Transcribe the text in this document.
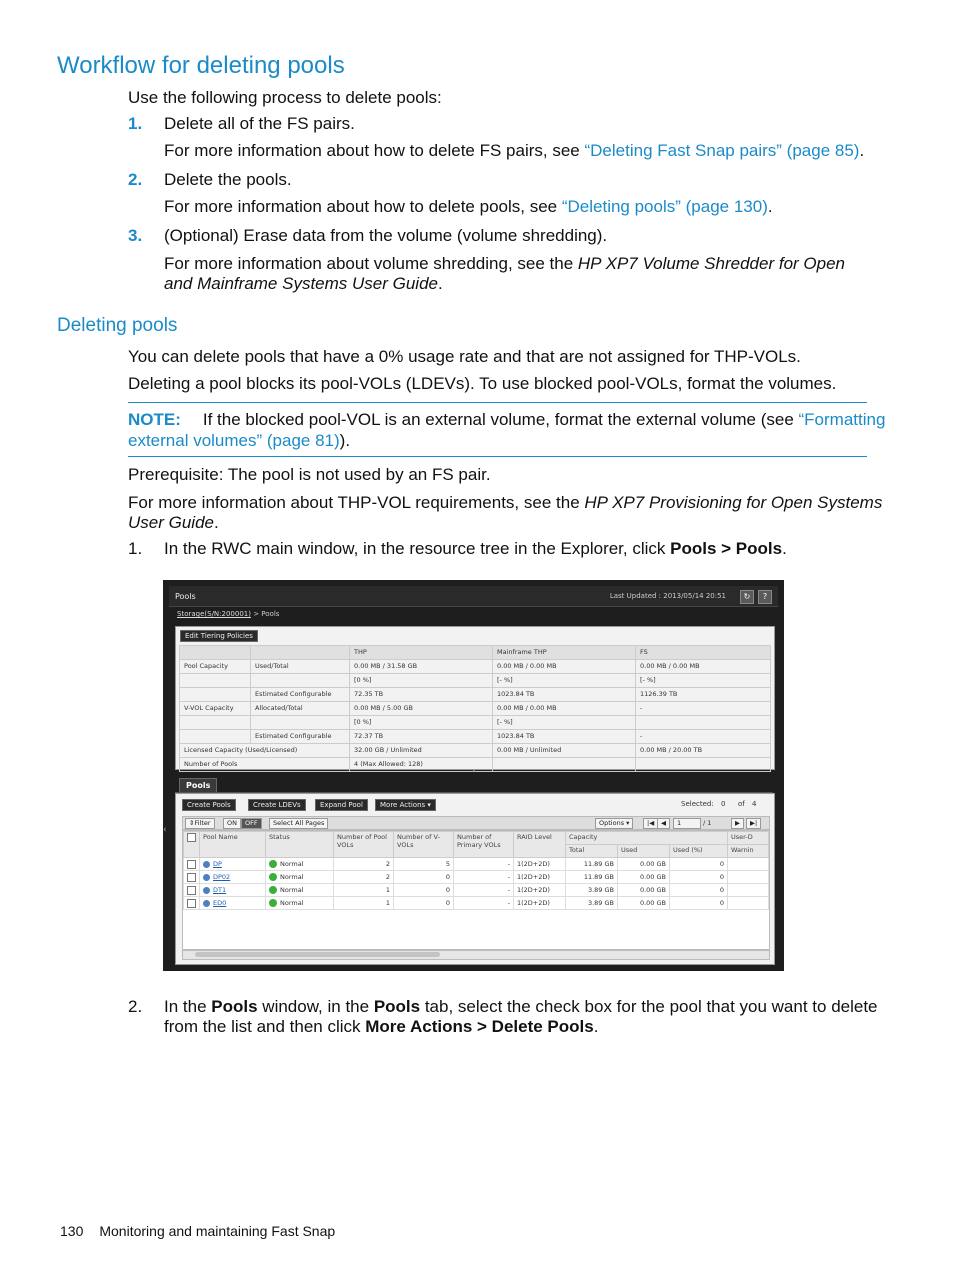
Workflow for deleting pools
Use the following process to delete pools:
1. Delete all of the FS pairs.
For more information about how to delete FS pairs, see “Deleting Fast Snap pairs” (page 85).
2. Delete the pools.
For more information about how to delete pools, see “Deleting pools” (page 130).
3. (Optional) Erase data from the volume (volume shredding).
For more information about volume shredding, see the HP XP7 Volume Shredder for Open
and Mainframe Systems User Guide.
Deleting pools
You can delete pools that have a 0% usage rate and that are not assigned for THP-VOLs.
Deleting a pool blocks its pool-VOLs (LDEVs). To use blocked pool-VOLs, format the volumes.
NOTE: If the blocked pool-VOL is an external volume, format the external volume (see “Formatting
external volumes” (page 81)).
Prerequisite: The pool is not used by an FS pair.
For more information about THP-VOL requirements, see the HP XP7 Provisioning for Open Systems
User Guide.
1. In the RWC main window, in the resource tree in the Explorer, click Pools > Pools.
Pools	Last Updated : 2013/05/14 20:51	↻	?
Storage(S/N:200001) > Pools
Edit Tiering Policies
		THP	Mainframe THP	FS
Pool Capacity	Used/Total	0.00 MB / 31.58 GB	0.00 MB / 0.00 MB	0.00 MB / 0.00 MB
		[0 %]	[- %]	[- %]
	Estimated Configurable	72.35 TB	1023.84 TB	1126.39 TB
V-VOL Capacity	Allocated/Total	0.00 MB / 5.00 GB	0.00 MB / 0.00 MB	-
		[0 %]	[- %]	
	Estimated Configurable	72.37 TB	1023.84 TB	-
Licensed Capacity (Used/Licensed)		32.00 GB / Unlimited	0.00 MB / Unlimited	0.00 MB / 20.00 TB
Number of Pools		4 (Max Allowed: 128)		
⌃
‹
Pools
Create Pools	Create LDEVs	Expand Pool	More Actions ▾	Selected: 0 of 4
⇕Filter	ON	OFF	Select All Pages	Options ▾	|◀	◀	1	/ 1	▶	▶|
	Pool Name	Status	Number of Pool VOLs	Number of V-VOLs	Number of Primary VOLs	RAID Level	Capacity			User-D
							Total	Used	Used (%)	Warnin
	DP	Normal	2	5	-	1(2D+2D)	11.89 GB	0.00 GB	0	
	DP02	Normal	2	0	-	1(2D+2D)	11.89 GB	0.00 GB	0	
	DT1	Normal	1	0	-	1(2D+2D)	3.89 GB	0.00 GB	0	
	ED0	Normal	1	0	-	1(2D+2D)	3.89 GB	0.00 GB	0	
2. In the Pools window, in the Pools tab, select the check box for the pool that you want to delete
from the list and then click More Actions > Delete Pools.
130 Monitoring and maintaining Fast Snap
